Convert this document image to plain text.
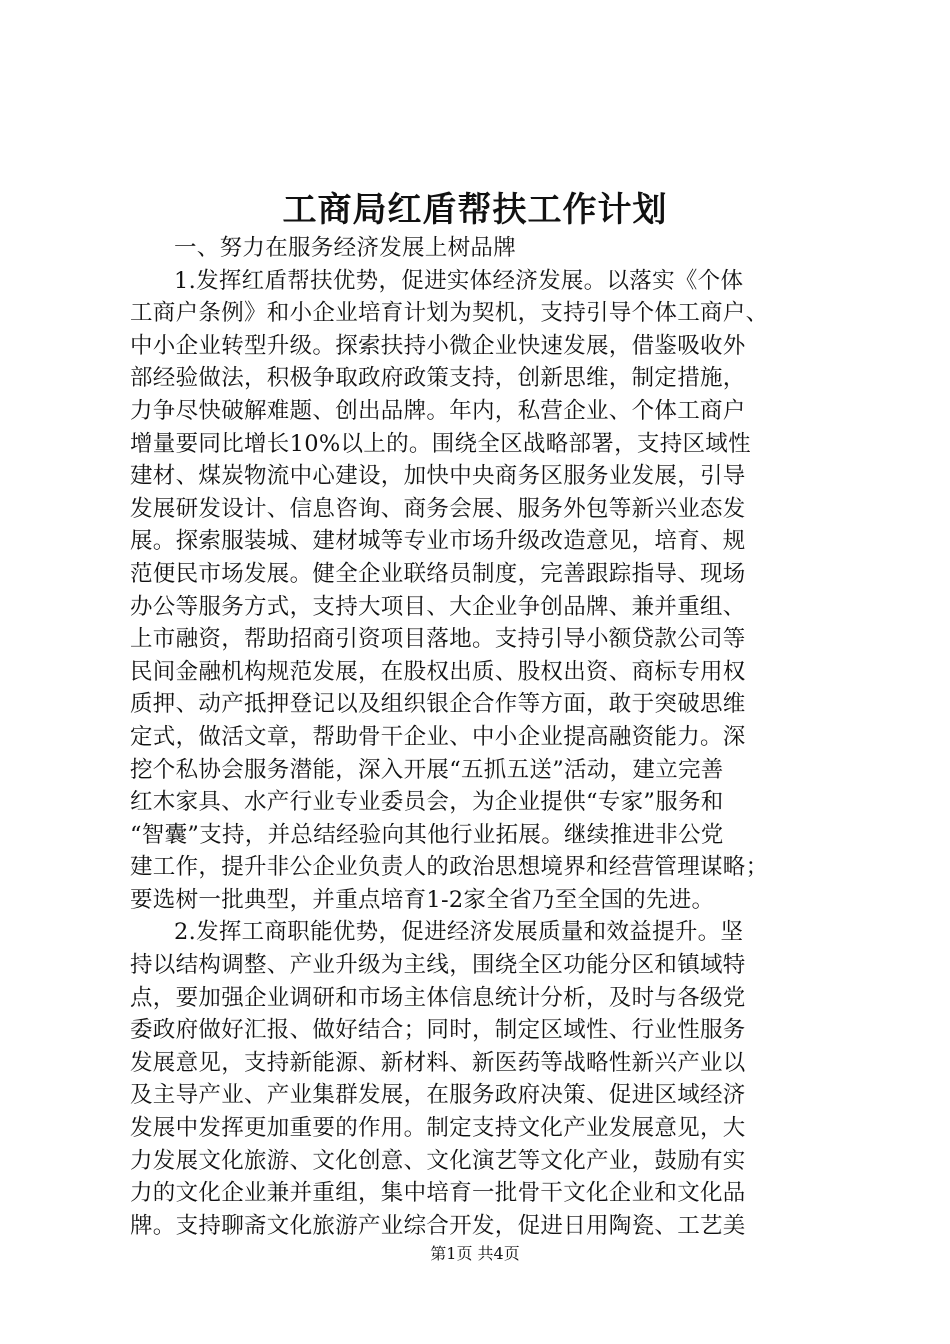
工商局红盾帮扶工作计划
一、努力在服务经济发展上树品牌
1.发挥红盾帮扶优势，促进实体经济发展。以落实《个体
工商户条例》和小企业培育计划为契机，支持引导个体工商户、
中小企业转型升级。探索扶持小微企业快速发展，借鉴吸收外
部经验做法，积极争取政府政策支持，创新思维，制定措施，
力争尽快破解难题、创出品牌。年内，私营企业、个体工商户
增量要同比增长10%以上的。围绕全区战略部署，支持区域性
建材、煤炭物流中心建设，加快中央商务区服务业发展，引导
发展研发设计、信息咨询、商务会展、服务外包等新兴业态发
展。探索服装城、建材城等专业市场升级改造意见，培育、规
范便民市场发展。健全企业联络员制度，完善跟踪指导、现场
办公等服务方式，支持大项目、大企业争创品牌、兼并重组、
上市融资，帮助招商引资项目落地。支持引导小额贷款公司等
民间金融机构规范发展，在股权出质、股权出资、商标专用权
质押、动产抵押登记以及组织银企合作等方面，敢于突破思维
定式，做活文章，帮助骨干企业、中小企业提高融资能力。深
挖个私协会服务潜能，深入开展“五抓五送”活动，建立完善
红木家具、水产行业专业委员会，为企业提供“专家”服务和
“智囊”支持，并总结经验向其他行业拓展。继续推进非公党
建工作，提升非公企业负责人的政治思想境界和经营管理谋略；
要选树一批典型，并重点培育1-2家全省乃至全国的先进。
2.发挥工商职能优势，促进经济发展质量和效益提升。坚
持以结构调整、产业升级为主线，围绕全区功能分区和镇域特
点，要加强企业调研和市场主体信息统计分析，及时与各级党
委政府做好汇报、做好结合；同时，制定区域性、行业性服务
发展意见，支持新能源、新材料、新医药等战略性新兴产业以
及主导产业、产业集群发展，在服务政府决策、促进区域经济
发展中发挥更加重要的作用。制定支持文化产业发展意见，大
力发展文化旅游、文化创意、文化演艺等文化产业，鼓励有实
力的文化企业兼并重组，集中培育一批骨干文化企业和文化品
牌。支持聊斋文化旅游产业综合开发，促进日用陶瓷、工艺美
第1页 共4页
